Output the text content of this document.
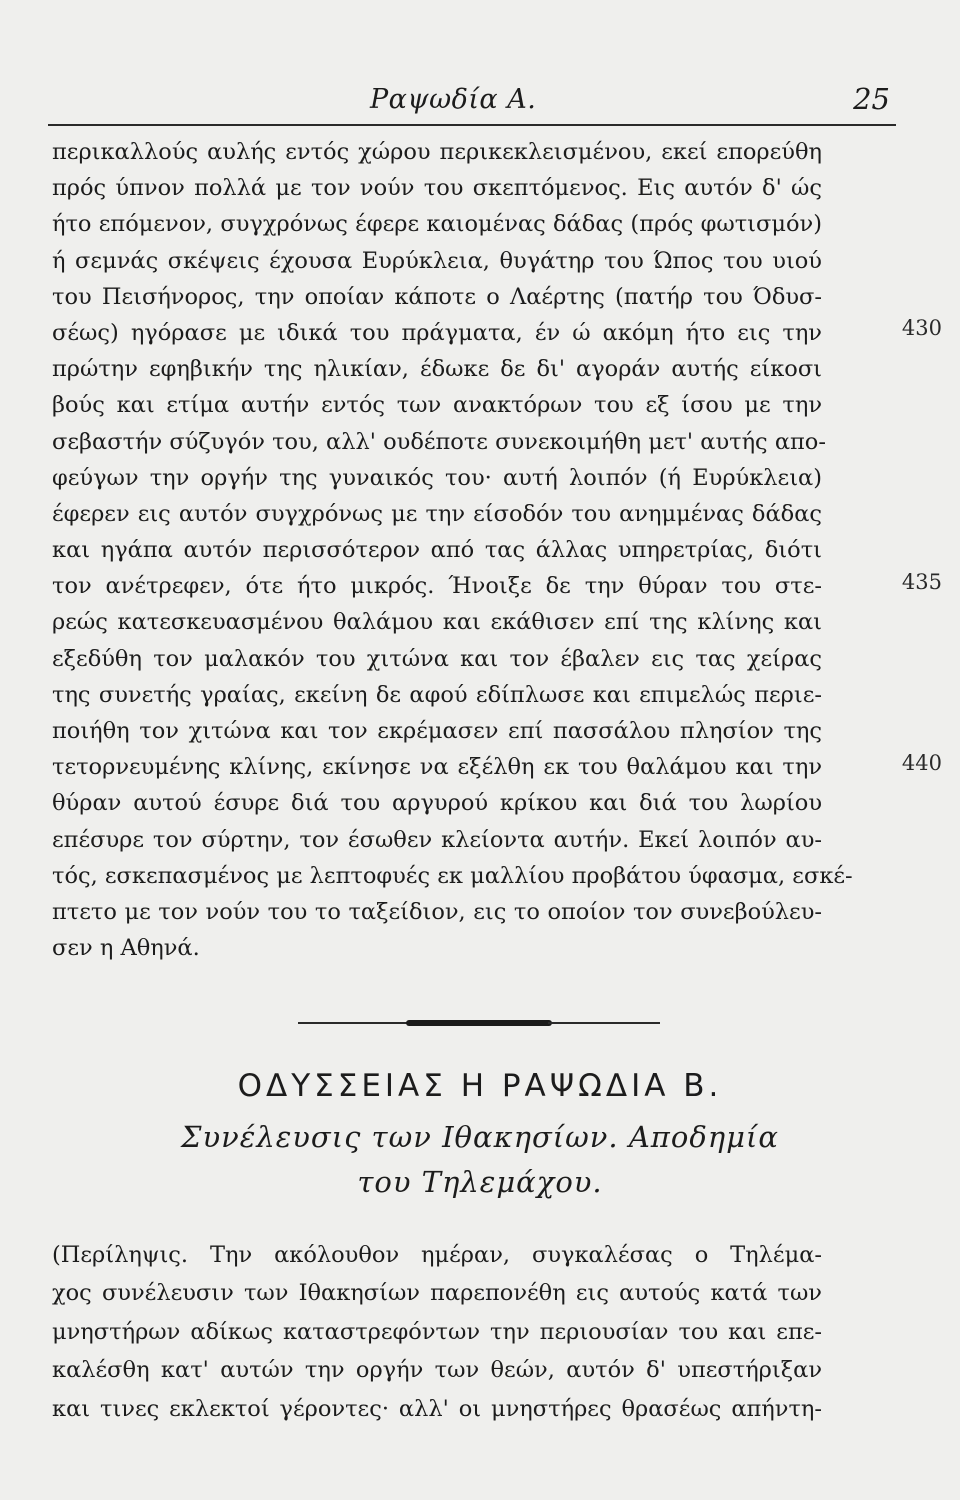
Ραψωδία Α.	25
περικαλλούς αυλής εντός χώρου περικεκλεισμένου, εκεί επορεύθη
πρός ύπνον πολλά με τον νούν του σκεπτόμενος. Εις αυτόν δ' ώς
ήτο επόμενον, συγχρόνως έφερε καιομένας δάδας (πρός φωτισμόν)
ή σεμνάς σκέψεις έχουσα Ευρύκλεια, θυγάτηρ του Ώπος του υιού
του Πεισήνορος, την οποίαν κάποτε ο Λαέρτης (πατήρ του Όδυσ-
σέως) ηγόρασε με ιδικά του πράγματα, έν ώ ακόμη ήτο εις την
πρώτην εφηβικήν της ηλικίαν, έδωκε δε δι' αγοράν αυτής είκοσι
βούς και ετίμα αυτήν εντός των ανακτόρων του εξ ίσου με την
σεβαστήν σύζυγόν του, αλλ' ουδέποτε συνεκοιμήθη μετ' αυτής απο-
φεύγων την οργήν της γυναικός του· αυτή λοιπόν (ή Ευρύκλεια)
έφερεν εις αυτόν συγχρόνως με την είσοδόν του ανημμένας δάδας
και ηγάπα αυτόν περισσότερον από τας άλλας υπηρετρίας, διότι
τον ανέτρεφεν, ότε ήτο μικρός. Ήνοιξε δε την θύραν του στε-
ρεώς κατεσκευασμένου θαλάμου και εκάθισεν επί της κλίνης και
εξεδύθη τον μαλακόν του χιτώνα και τον έβαλεν εις τας χείρας
της συνετής γραίας, εκείνη δε αφού εδίπλωσε και επιμελώς περιε-
ποιήθη τον χιτώνα και τον εκρέμασεν επί πασσάλου πλησίον της
τετορνευμένης κλίνης, εκίνησε να εξέλθη εκ του θαλάμου και την
θύραν αυτού έσυρε διά του αργυρού κρίκου και διά του λωρίου
επέσυρε τον σύρτην, τον έσωθεν κλείοντα αυτήν. Εκεί λοιπόν αυ-
τός, εσκεπασμένος με λεπτοφυές εκ μαλλίου προβάτου ύφασμα, εσκέ-
πτετο με τον νούν του το ταξείδιον, εις το οποίον τον συνεβούλευ-
σεν η Αθηνά.
430
435
440
ΟΔΥΣΣΕΙΑΣ Η ΡΑΨΩΔΙΑ Β.
Συνέλευσις των Ιθακησίων. Αποδημία
του Τηλεμάχου.
(Περίληψις. Την ακόλουθον ημέραν, συγκαλέσας ο Τηλέμα-
χος συνέλευσιν των Ιθακησίων παρεπονέθη εις αυτούς κατά των
μνηστήρων αδίκως καταστρεφόντων την περιουσίαν του και επε-
καλέσθη κατ' αυτών την οργήν των θεών, αυτόν δ' υπεστήριξαν
και τινες εκλεκτοί γέροντες· αλλ' οι μνηστήρες θρασέως απήντη-
